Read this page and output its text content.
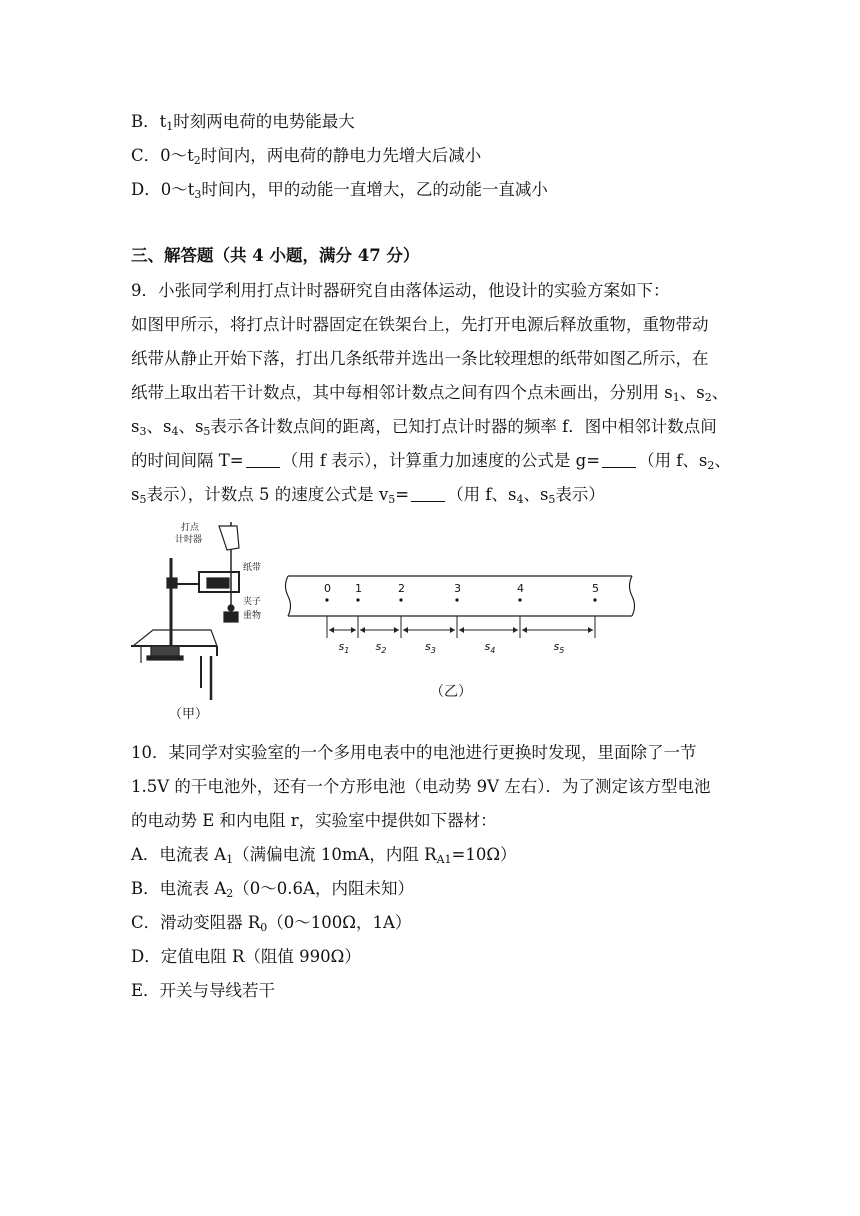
B．$t_1$时刻两电荷的电势能最大
C．$0\sim t_2$时间内，两电荷的静电力先增大后减小
D．$0\sim t_3$时间内，甲的动能一直增大，乙的动能一直减小
三、解答题（共 4 小题，满分 47 分）
9．小张同学利用打点计时器研究自由落体运动，他设计的实验方案如下：
如图甲所示，将打点计时器固定在铁架台上，先打开电源后释放重物，重物带动
纸带从静止开始下落，打出几条纸带并选出一条比较理想的纸带如图乙所示，在
纸带上取出若干计数点，其中每相邻计数点之间有四个点未画出，分别用 $s_1$、$s_2$、
$s_3$、$s_4$、$s_5$表示各计数点间的距离，已知打点计时器的频率 f．图中相邻计数点间
的时间间隔 T= （用 f 表示），计算重力加速度的公式是 g= （用 f、$s_2$、
$s_5$表示），计数点 5 的速度公式是 $v_5=$ （用 f、$s_4$、$s_5$表示）
打点
计时器
纸带
夹子
重物
（甲）
0 1	2	3	4	5
$s_1$ $s_2$	$s_3$	$s_4$	$s_5$
（乙）
10．某同学对实验室的一个多用电表中的电池进行更换时发现，里面除了一节
1.5V 的干电池外，还有一个方形电池（电动势 9V 左右）．为了测定该方型电池
的电动势 E 和内电阻 r，实验室中提供如下器材：
A．电流表 $A_1$（满偏电流 10mA，内阻 $R_{A1}=10\Omega$）
B．电流表 $A_2(0\sim 0.6A$，内阻未知）
C．滑动变阻器 $R_0(0\sim 100\Omega$，1A）
D．定值电阻 R（阻值 990Ω）
E．开关与导线若干
